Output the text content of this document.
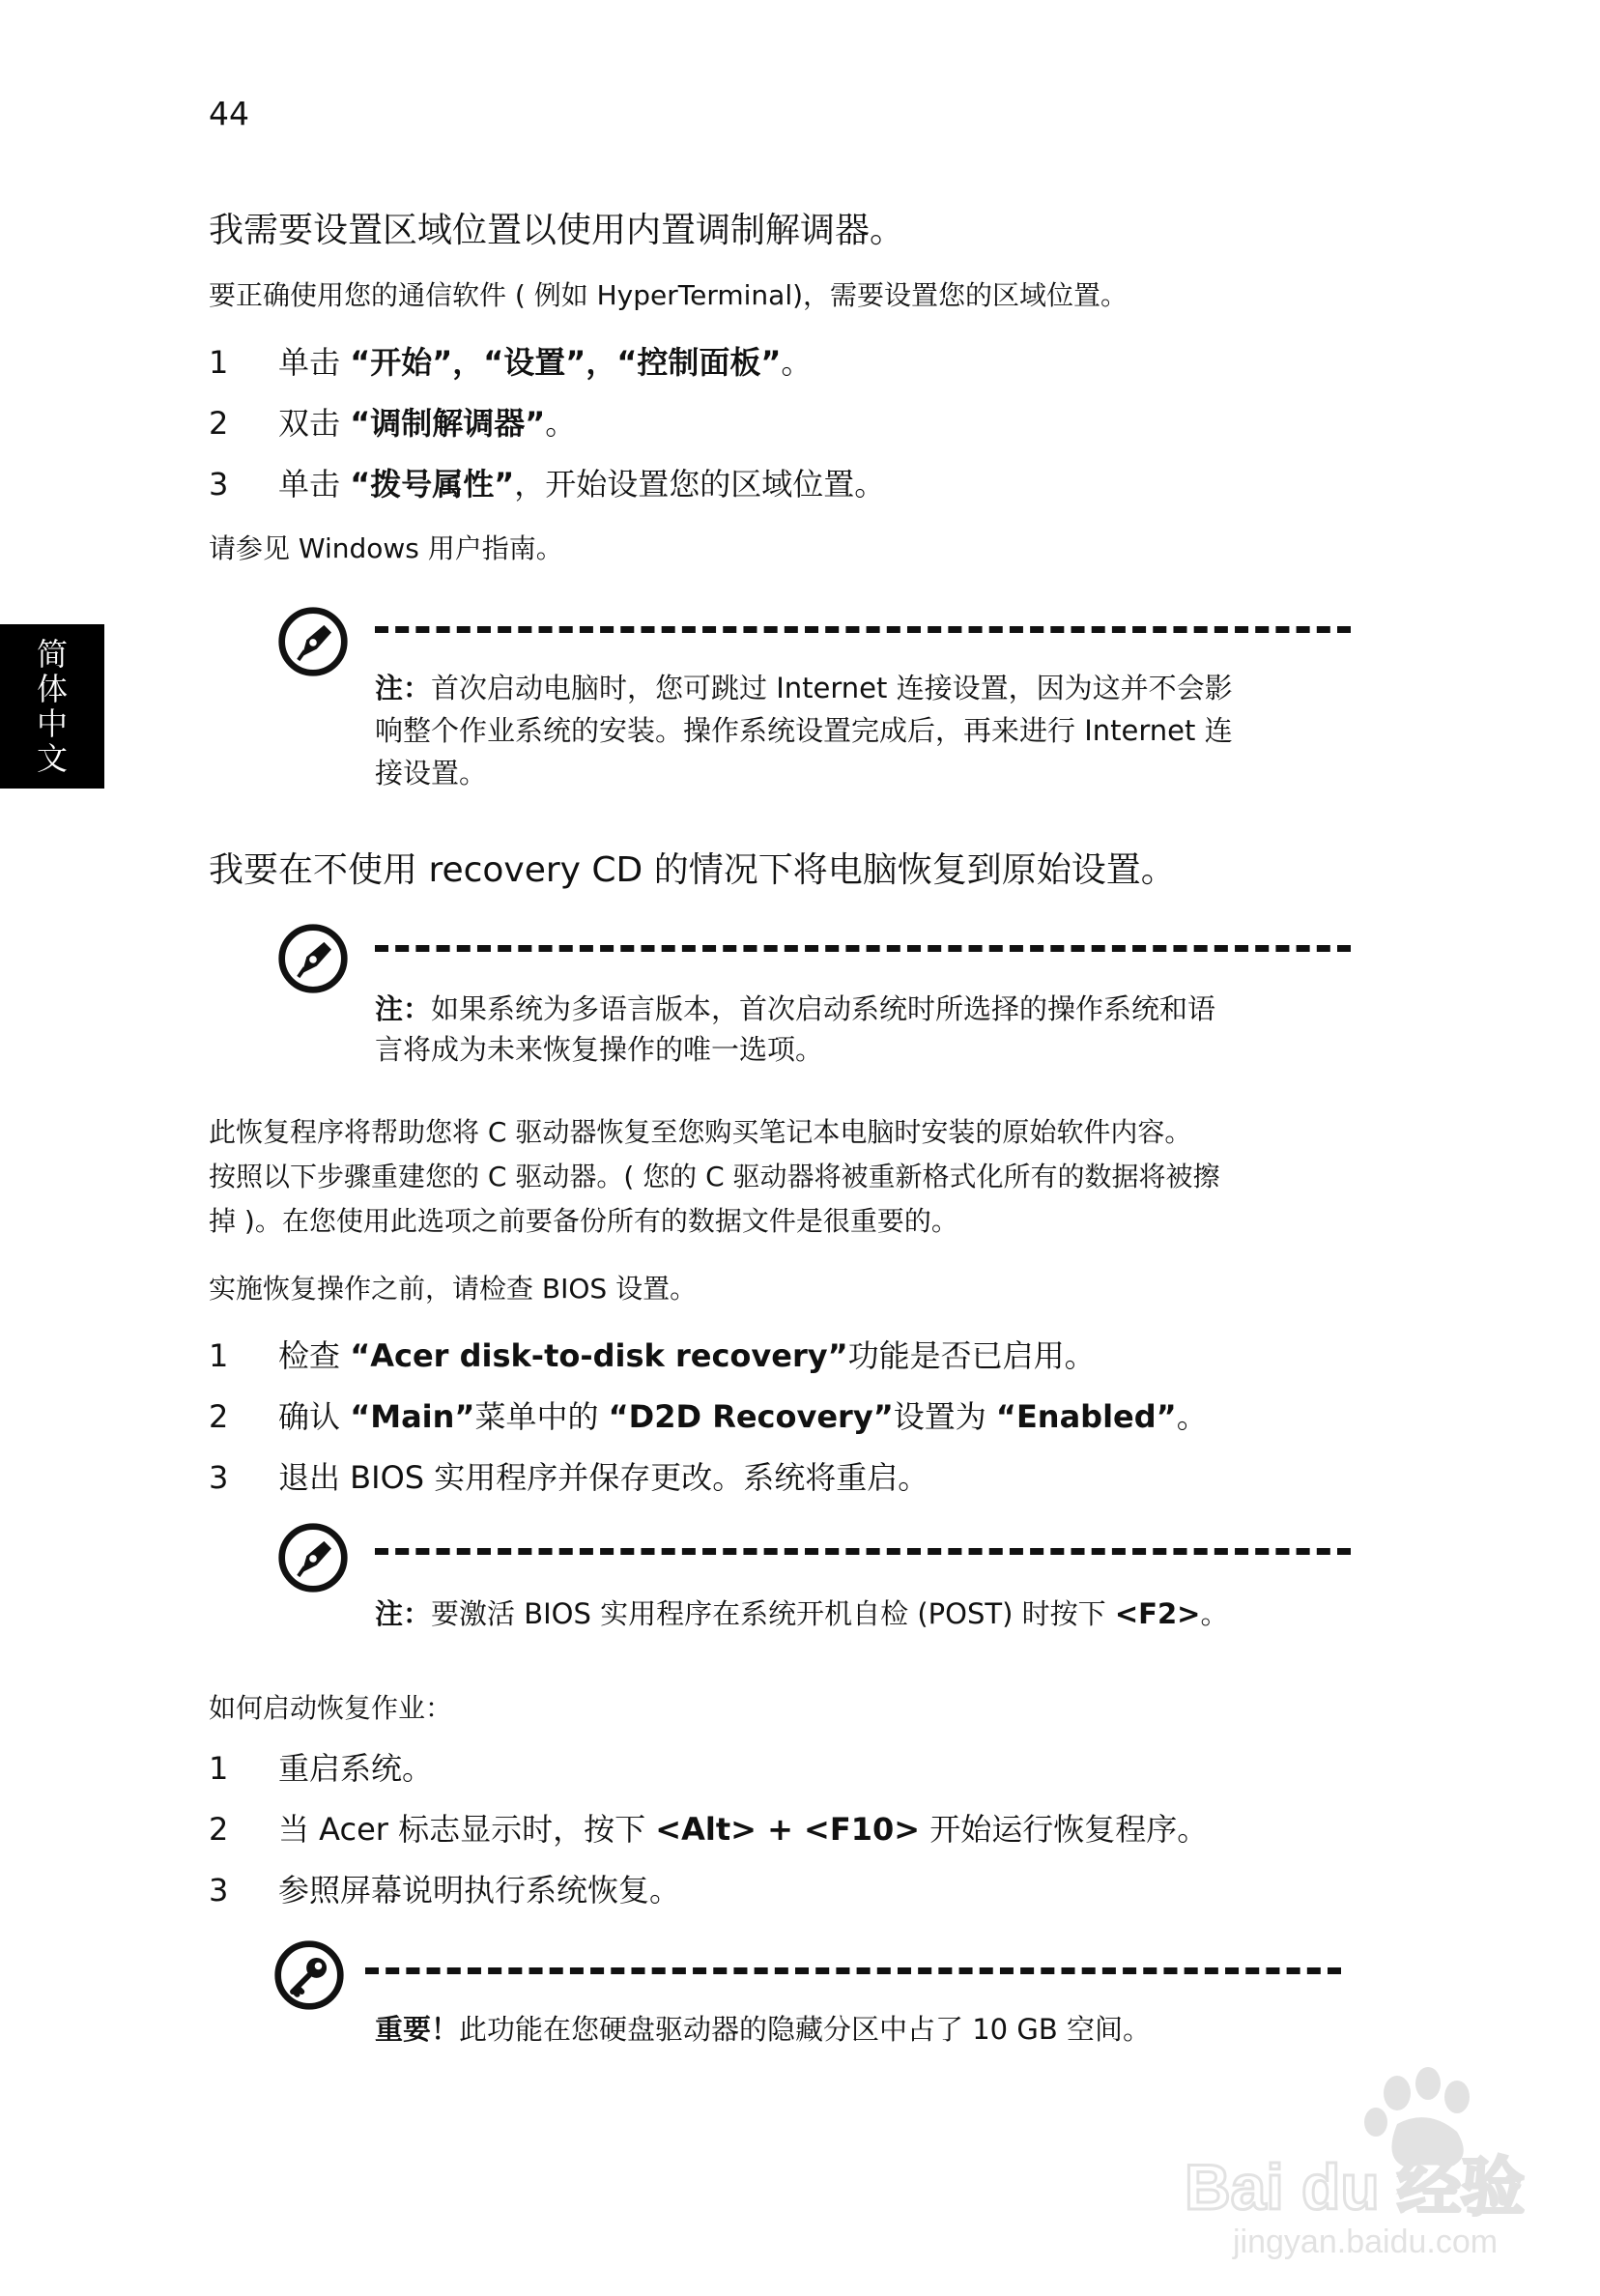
44
简
体
中
文
我需要设置区域位置以使用内置调制解调器。
要正确使用您的通信软件 ( 例如 HyperTerminal)，需要设置您的区域位置。
1 单击 “开始”，“设置”，“控制面板”。
2 双击 “调制解调器”。
3 单击 “拨号属性”，开始设置您的区域位置。
请参见 Windows 用户指南。
注：首次启动电脑时，您可跳过 Internet 连接设置，因为这并不会影
响整个作业系统的安装。操作系统设置完成后，再来进行 Internet 连
接设置。
我要在不使用 recovery CD 的情况下将电脑恢复到原始设置。
注：如果系统为多语言版本，首次启动系统时所选择的操作系统和语
言将成为未来恢复操作的唯一选项。
此恢复程序将帮助您将 C 驱动器恢复至您购买笔记本电脑时安装的原始软件内容。
按照以下步骤重建您的 C 驱动器。( 您的 C 驱动器将被重新格式化所有的数据将被擦
掉 )。在您使用此选项之前要备份所有的数据文件是很重要的。
实施恢复操作之前，请检查 BIOS 设置。
1 检查 “Acer disk-to-disk recovery”功能是否已启用。
2 确认 “Main”菜单中的 “D2D Recovery”设置为 “Enabled”。
3 退出 BIOS 实用程序并保存更改。系统将重启。
注：要激活 BIOS 实用程序在系统开机自检 (POST) 时按下 <F2>。
如何启动恢复作业：
1 重启系统。
2 当 Acer 标志显示时，按下 <Alt> + <F10> 开始运行恢复程序。
3 参照屏幕说明执行系统恢复。
重要！此功能在您硬盘驱动器的隐藏分区中占了 10 GB 空间。
Bai du 经验
jingyan.baidu.com
